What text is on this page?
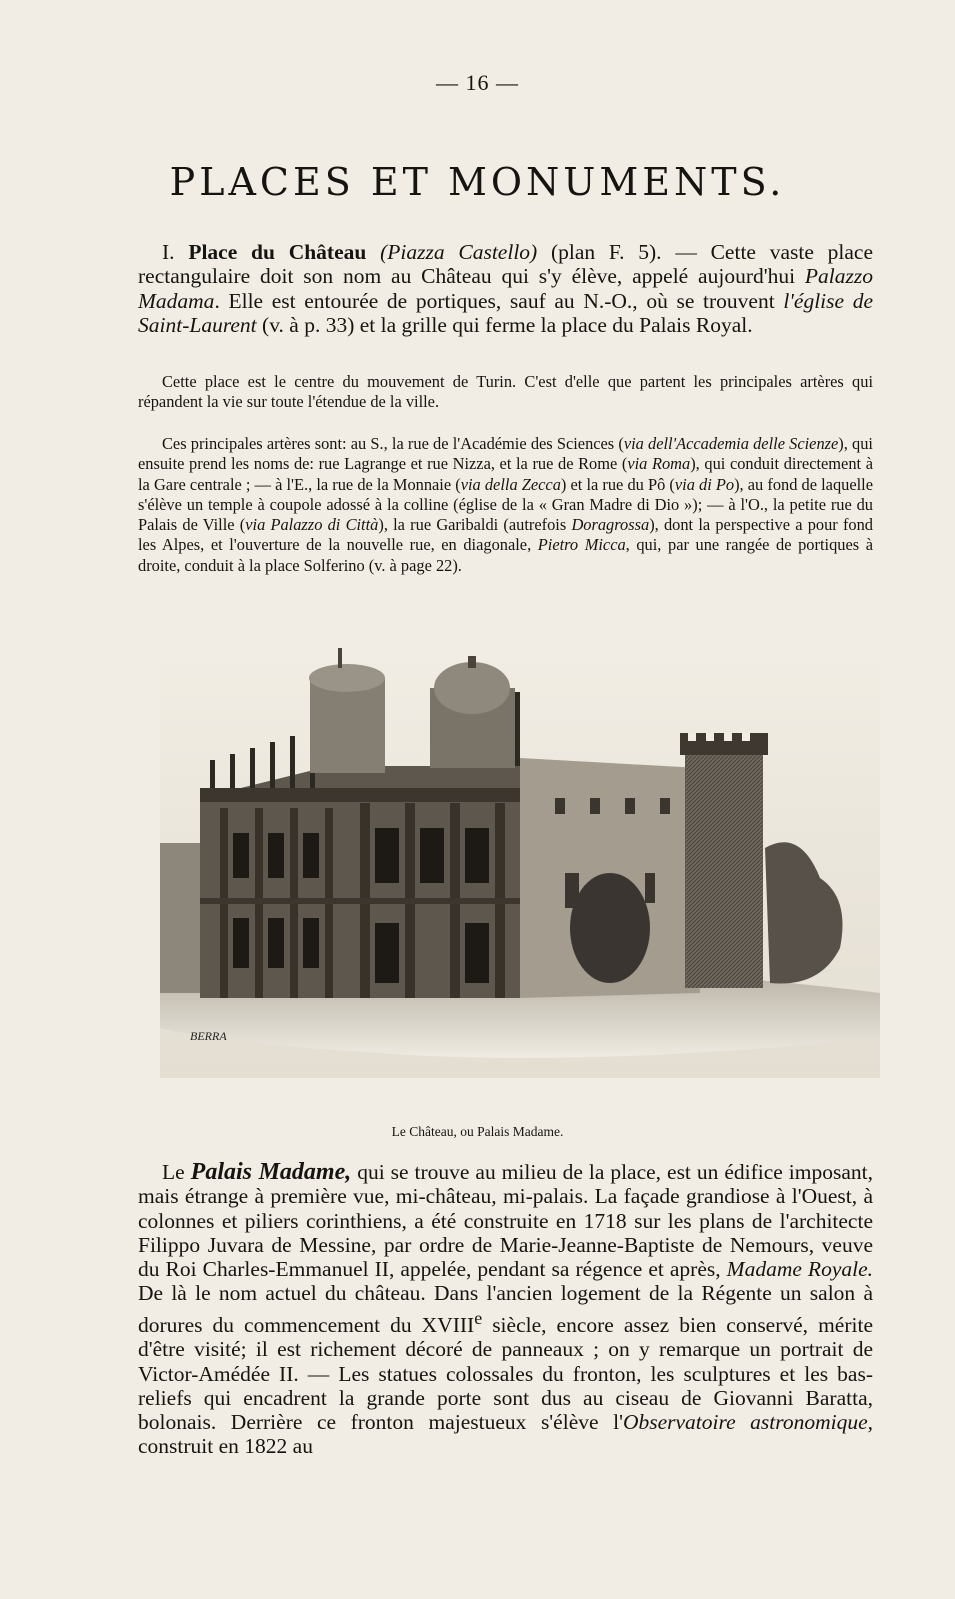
— 16 —
PLACES ET MONUMENTS.
I. Place du Château (Piazza Castello) (plan F. 5). — Cette vaste place rectangulaire doit son nom au Château qui s'y élève, appelé aujourd'hui Palazzo Madama. Elle est entourée de portiques, sauf au N.-O., où se trouvent l'église de Saint-Laurent (v. à p. 33) et la grille qui ferme la place du Palais Royal.
Cette place est le centre du mouvement de Turin. C'est d'elle que partent les principales artères qui répandent la vie sur toute l'étendue de la ville.
Ces principales artères sont: au S., la rue de l'Académie des Sciences (via dell'Accademia delle Scienze), qui ensuite prend les noms de: rue Lagrange et rue Nizza, et la rue de Rome (via Roma), qui conduit directement à la Gare centrale ; — à l'E., la rue de la Monnaie (via della Zecca) et la rue du Pô (via di Po), au fond de laquelle s'élève un temple à coupole adossé à la colline (église de la « Gran Madre di Dio »); — à l'O., la petite rue du Palais de Ville (via Palazzo di Città), la rue Garibaldi (autrefois Doragrossa), dont la perspective a pour fond les Alpes, et l'ouverture de la nouvelle rue, en diagonale, Pietro Micca, qui, par une rangée de portiques à droite, conduit à la place Solferino (v. à page 22).
BERRA
Le Château, ou Palais Madame.
Le Palais Madame, qui se trouve au milieu de la place, est un édifice imposant, mais étrange à première vue, mi-château, mi-palais. La façade grandiose à l'Ouest, à colonnes et piliers corinthiens, a été construite en 1718 sur les plans de l'architecte Filippo Juvara de Messine, par ordre de Marie-Jeanne-Baptiste de Nemours, veuve du Roi Charles-Emmanuel II, appelée, pendant sa régence et après, Madame Royale. De là le nom actuel du château. Dans l'ancien logement de la Régente un salon à dorures du commencement du XVIIIe siècle, encore assez bien conservé, mérite d'être visité; il est richement décoré de panneaux ; on y remarque un portrait de Victor-Amédée II. — Les statues colossales du fronton, les sculptures et les bas-reliefs qui encadrent la grande porte sont dus au ciseau de Giovanni Baratta, bolonais. Derrière ce fronton majestueux s'élève l'Observatoire astronomique, construit en 1822 au
